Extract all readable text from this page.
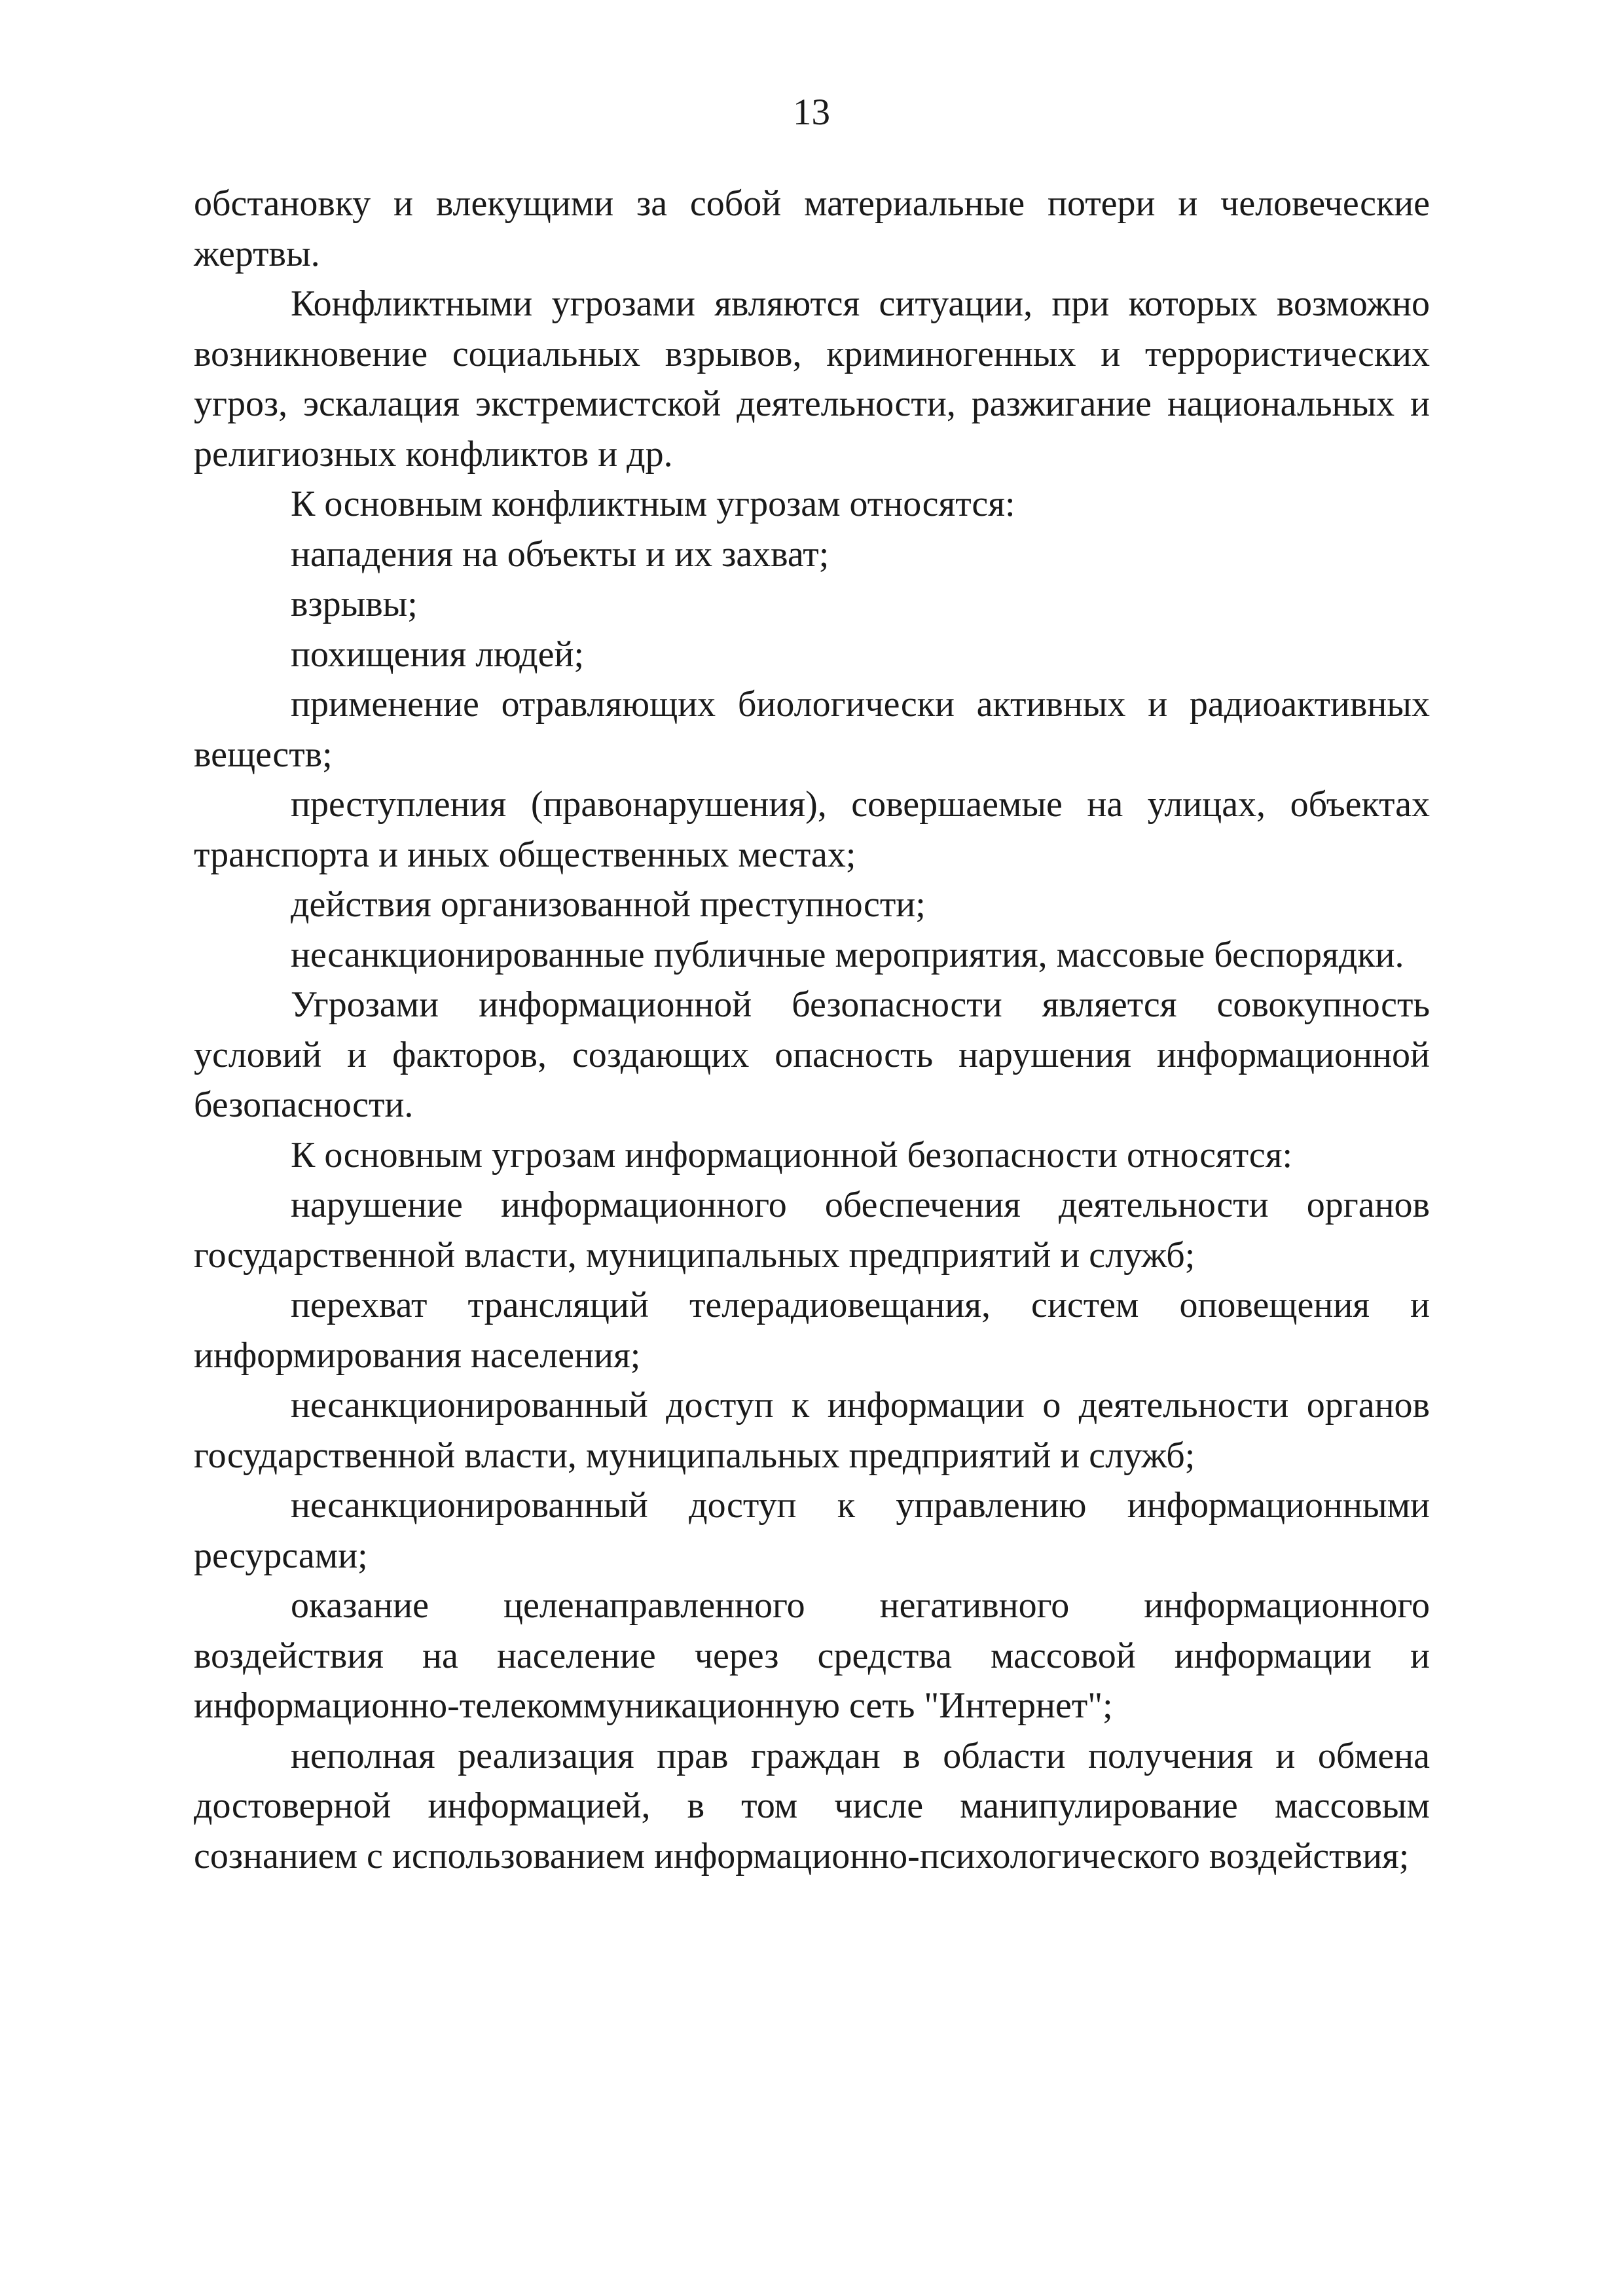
13

обстановку и влекущими за собой материальные потери и человеческие жертвы.

Конфликтными угрозами являются ситуации, при которых возможно возникновение социальных взрывов, криминогенных и террористических угроз, эскалация экстремистской деятельности, разжигание национальных и религиозных конфликтов и др.

К основным конфликтным угрозам относятся:

нападения на объекты и их захват;

взрывы;

похищения людей;

применение отравляющих биологически активных и радиоактивных веществ;

преступления (правонарушения), совершаемые на улицах, объектах транспорта и иных общественных местах;

действия организованной преступности;

несанкционированные публичные мероприятия, массовые беспорядки.

Угрозами информационной безопасности является совокупность условий и факторов, создающих опасность нарушения информационной безопасности.

К основным угрозам информационной безопасности относятся:

нарушение информационного обеспечения деятельности органов государственной власти, муниципальных предприятий и служб;

перехват трансляций телерадиовещания, систем оповещения и информирования населения;

несанкционированный доступ к информации о деятельности органов государственной власти, муниципальных предприятий и служб;

несанкционированный доступ к управлению информационными ресурсами;

оказание целенаправленного негативного информационного воздействия на население через средства массовой информации и информационно-телекоммуникационную сеть "Интернет";

неполная реализация прав граждан в области получения и обмена достоверной информацией, в том числе манипулирование массовым сознанием с использованием информационно-психологического воздействия;
